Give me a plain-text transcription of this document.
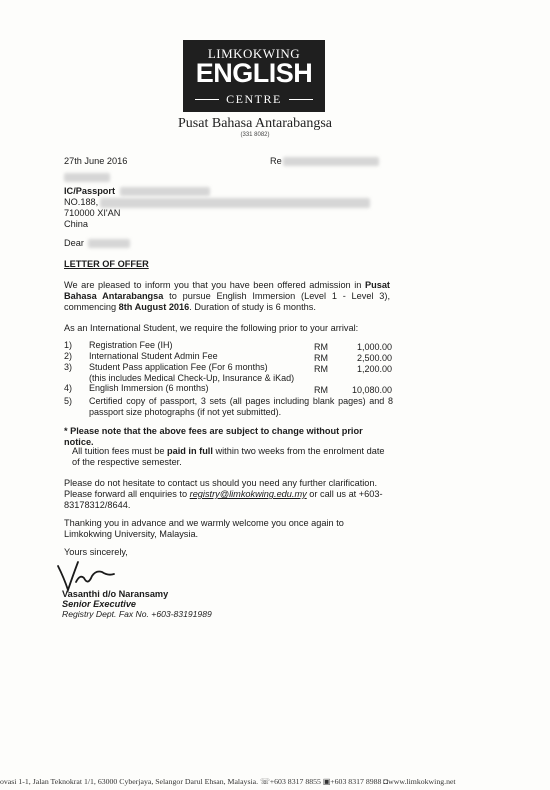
LIMKOKWING
ENGLISH
CENTRE
Pusat Bahasa Antarabangsa
(331 8082)
27th June 2016	Re
IC/Passport
NO.188,
710000 XI'AN
China
Dear
LETTER OF OFFER
We are pleased to inform you that you have been offered admission in Pusat Bahasa Antarabangsa to pursue English Immersion (Level 1 - Level 3), commencing 8th August 2016. Duration of study is 6 months.
As an International Student, we require the following prior to your arrival:
1)	Registration Fee (IH)	RM	1,000.00
2)	International Student Admin Fee	RM	2,500.00
3)	Student Pass application Fee (For 6 months)	RM	1,200.00
(this includes Medical Check-Up, Insurance & iKad)
4)	English Immersion (6 months)	RM	10,080.00
5)	Certified copy of passport, 3 sets (all pages including blank pages) and 8 passport size photographs (if not yet submitted).
* Please note that the above fees are subject to change without prior notice.
All tuition fees must be paid in full within two weeks from the enrolment date of the respective semester.
Please do not hesitate to contact us should you need any further clarification. Please forward all enquiries to registry@limkokwing.edu.my or call us at +603-83178312/8644.
Thanking you in advance and we warmly welcome you once again to Limkokwing University, Malaysia.
Yours sincerely,
Vasanthi d/o Naransamy
Senior Executive
Registry Dept. Fax No. +603-83191989
ovasi 1-1, Jalan Teknokrat 1/1, 63000 Cyberjaya, Selangor Darul Ehsan, Malaysia. ☏+603 8317 8855 ▣+603 8317 8988 ◘www.limkokwing.net
